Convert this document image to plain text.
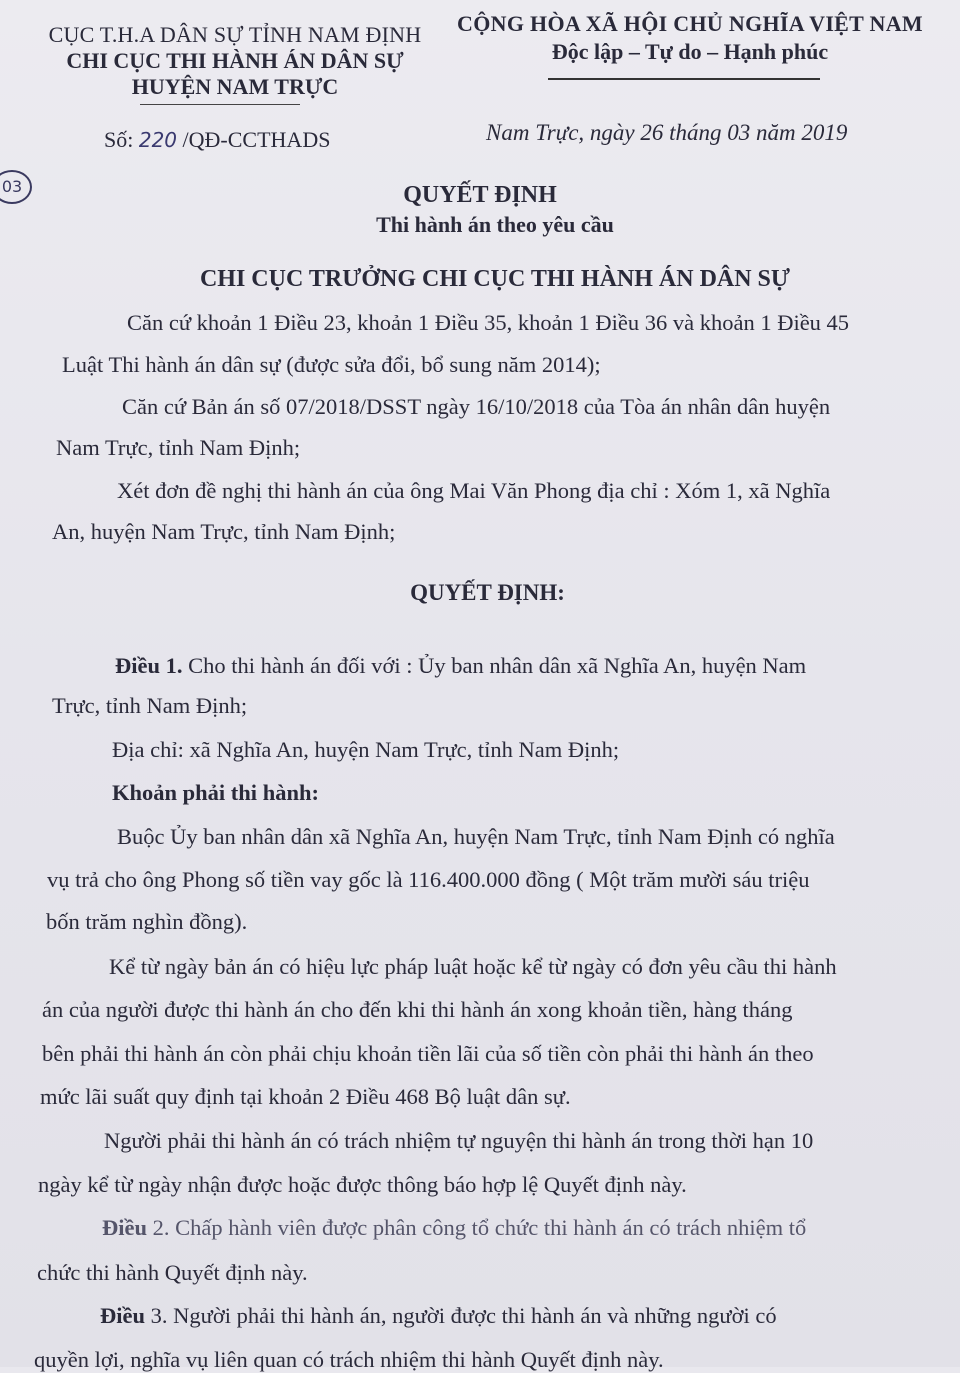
CỤC T.H.A DÂN SỰ TỈNH NAM ĐỊNH
CHI CỤC THI HÀNH ÁN DÂN SỰ
HUYỆN NAM TRỰC
CỘNG HÒA XÃ HỘI CHỦ NGHĨA VIỆT NAM
Độc lập – Tự do – Hạnh phúc
Số: 220 /QĐ-CCTHADS	Nam Trực, ngày 26 tháng 03 năm 2019
03	QUYẾT ĐỊNH
Thi hành án theo yêu cầu
CHI CỤC TRƯỞNG CHI CỤC THI HÀNH ÁN DÂN SỰ
Căn cứ khoản 1 Điều 23, khoản 1 Điều 35, khoản 1 Điều 36 và khoản 1 Điều 45
Luật Thi hành án dân sự (được sửa đổi, bổ sung năm 2014);
Căn cứ Bản án số 07/2018/DSST ngày 16/10/2018 của Tòa án nhân dân huyện
Nam Trực, tỉnh Nam Định;
Xét đơn đề nghị thi hành án của ông Mai Văn Phong địa chỉ : Xóm 1, xã Nghĩa
An, huyện Nam Trực, tỉnh Nam Định;
QUYẾT ĐỊNH:
Điều 1. Cho thi hành án đối với : Ủy ban nhân dân xã Nghĩa An, huyện Nam
Trực, tỉnh Nam Định;
Địa chỉ: xã Nghĩa An, huyện Nam Trực, tỉnh Nam Định;
Khoản phải thi hành:
Buộc Ủy ban nhân dân xã Nghĩa An, huyện Nam Trực, tỉnh Nam Định có nghĩa
vụ trả cho ông Phong số tiền vay gốc là 116.400.000 đồng ( Một trăm mười sáu triệu
bốn trăm nghìn đồng).
Kể từ ngày bản án có hiệu lực pháp luật hoặc kể từ ngày có đơn yêu cầu thi hành
án của người được thi hành án cho đến khi thi hành án xong khoản tiền, hàng tháng
bên phải thi hành án còn phải chịu khoản tiền lãi của số tiền còn phải thi hành án theo
mức lãi suất quy định tại khoản 2 Điều 468 Bộ luật dân sự.
Người phải thi hành án có trách nhiệm tự nguyện thi hành án trong thời hạn 10
ngày kể từ ngày nhận được hoặc được thông báo hợp lệ Quyết định này.
Điều 2. Chấp hành viên được phân công tổ chức thi hành án có trách nhiệm tổ
chức thi hành Quyết định này.
Điều 3. Người phải thi hành án, người được thi hành án và những người có
quyền lợi, nghĩa vụ liên quan có trách nhiệm thi hành Quyết định này.
